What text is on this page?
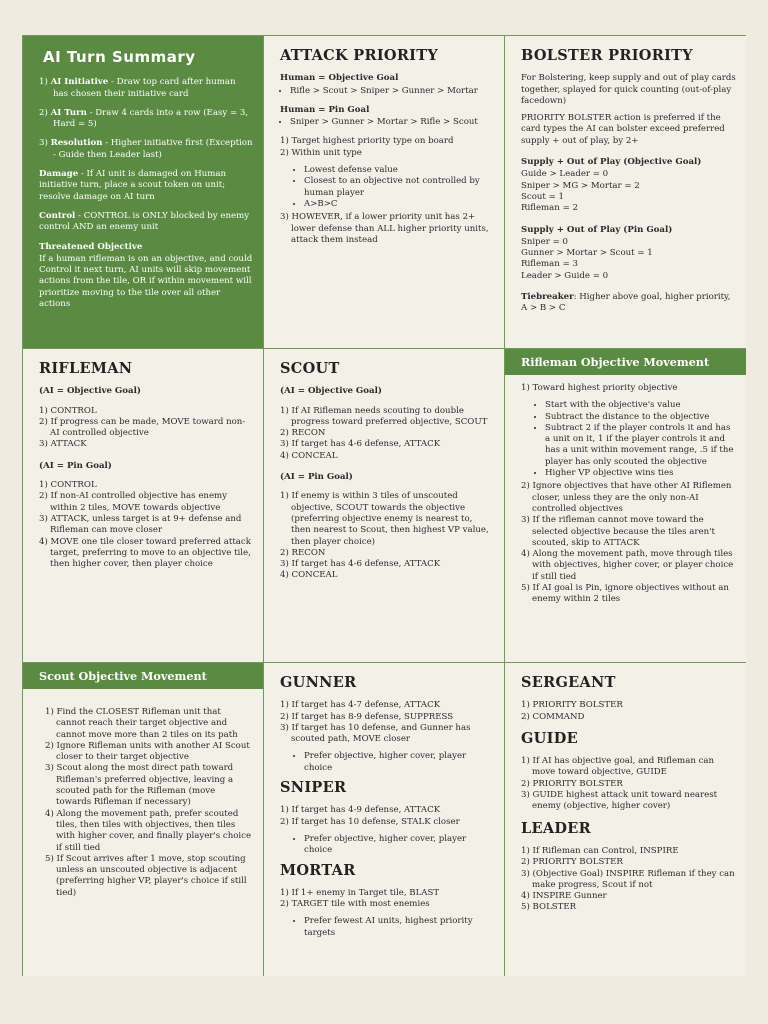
AI Turn Summary
1) AI Initiative - Draw top card after human has chosen their initiative card
2) AI Turn - Draw 4 cards into a row (Easy = 3, Hard = 5)
3) Resolution - Higher initiative first (Exception - Guide then Leader last)

Damage - If AI unit is damaged on Human initiative turn, place a scout token on unit; resolve damage on AI turn

Control - CONTROL is ONLY blocked by enemy control AND an enemy unit

Threatened Objective

If a human rifleman is on an objective, and could Control it next turn, AI units will skip movement actions from the tile, OR if within movement will prioritize moving to the tile over all other actions

ATTACK PRIORITY
Human = Objective Goal
• Rifle > Scout > Sniper > Gunner > Mortar
Human = Pin Goal
• Sniper > Gunner > Mortar > Rifle > Scout
1) Target highest priority type on board
2) Within unit type
• Lowest defense value
• Closest to an objective not controlled by human player
• A>B>C
3) HOWEVER, if a lower priority unit has 2+ lower defense than ALL higher priority units, attack them instead
BOLSTER PRIORITY

For Bolstering, keep supply and out of play cards together, splayed for quick counting (out-of-play facedown)

PRIORITY BOLSTER action is preferred if the card types the AI can bolster exceed preferred supply + out of play, by 2+

Supply + Out of Play (Objective Goal)
Guide > Leader = 0
Sniper > MG > Mortar = 2
Scout = 1
Rifleman = 2
Supply + Out of Play (Pin Goal)
Sniper = 0
Gunner > Mortar > Scout = 1
Rifleman = 3
Leader > Guide = 0

Tiebreaker: Higher above goal, higher priority, A > B > C

RIFLEMAN
(AI = Objective Goal)
1) CONTROL
2) If progress can be made, MOVE toward non-AI controlled objective
3) ATTACK
(AI = Pin Goal)
1) CONTROL
2) If non-AI controlled objective has enemy within 2 tiles, MOVE towards objective
3) ATTACK, unless target is at 9+ defense and Rifleman can move closer
4) MOVE one tile closer toward preferred attack target, preferring to move to an objective tile, then higher cover, then player choice
SCOUT
(AI = Objective Goal)
1) If AI Rifleman needs scouting to double progress toward preferred objective, SCOUT
2) RECON
3) If target has 4-6 defense, ATTACK
4) CONCEAL
(AI = Pin Goal)
1) If enemy is within 3 tiles of unscouted objective, SCOUT towards the objective (preferring objective enemy is nearest to, then nearest to Scout, then highest VP value, then player choice)
2) RECON
3) If target has 4-6 defense, ATTACK
4) CONCEAL
Rifleman Objective Movement
1) Toward highest priority objective
• Start with the objective's value
• Subtract the distance to the objective
• Subtract 2 if the player controls it and has a unit on it, 1 if the player controls it and has a unit within movement range, .5 if the player has only scouted the objective
• Higher VP objective wins ties
2) Ignore objectives that have other AI Riflemen closer, unless they are the only non-AI controlled objectives
3) If the rifleman cannot move toward the selected objective because the tiles aren't scouted, skip to ATTACK
4) Along the movement path, move through tiles with objectives, higher cover, or player choice if still tied
5) If AI goal is Pin, ignore objectives without an enemy within 2 tiles
Scout Objective Movement
1) Find the CLOSEST Rifleman unit that cannot reach their target objective and cannot move more than 2 tiles on its path
2) Ignore Rifleman units with another AI Scout closer to their target objective
3) Scout along the most direct path toward Rifleman's preferred objective, leaving a scouted path for the Rifleman (move towards Rifleman if necessary)
4) Along the movement path, prefer scouted tiles, then tiles with objectives, then tiles with higher cover, and finally player's choice if still tied
5) If Scout arrives after 1 move, stop scouting unless an unscouted objective is adjacent (preferring higher VP, player's choice if still tied)
GUNNER
1) If target has 4-7 defense, ATTACK
2) If target has 8-9 defense, SUPPRESS
3) If target has 10 defense, and Gunner has scouted path, MOVE closer
• Prefer objective, higher cover, player choice
SNIPER
1) If target has 4-9 defense, ATTACK
2) If target has 10 defense, STALK closer
• Prefer objective, higher cover, player choice
MORTAR
1) If 1+ enemy in Target tile, BLAST
2) TARGET tile with most enemies
• Prefer fewest AI units, highest priority targets
SERGEANT
1) PRIORITY BOLSTER
2) COMMAND
GUIDE
1) If AI has objective goal, and Rifleman can move toward objective, GUIDE
2) PRIORITY BOLSTER
3) GUIDE highest attack unit toward nearest enemy (objective, higher cover)
LEADER
1) If Rifleman can Control, INSPIRE
2) PRIORITY BOLSTER
3) (Objective Goal) INSPIRE Rifleman if they can make progress, Scout if not
4) INSPIRE Gunner
5) BOLSTER
